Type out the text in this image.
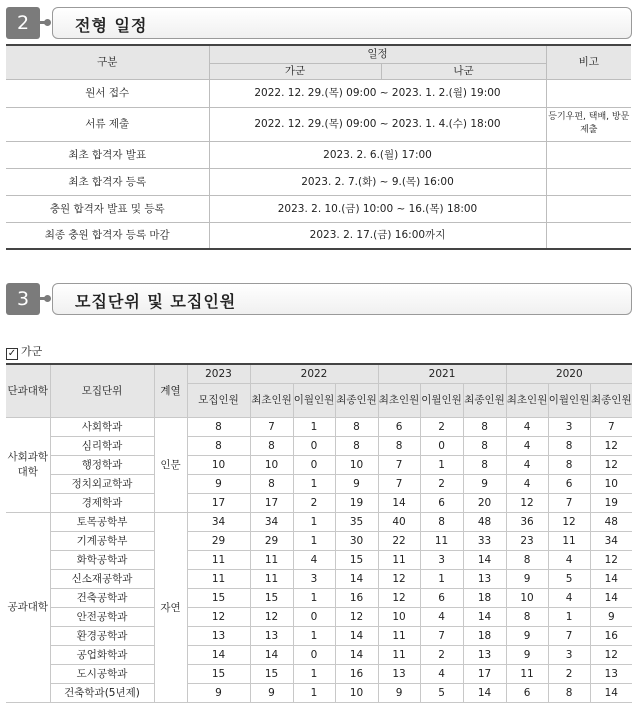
2	전형 일정
구분	일정		비고
	가군	나군	
원서 접수	2022. 12. 29.(목) 09:00 ~ 2023. 1. 2.(월) 19:00		
서류 제출	2022. 12. 29.(목) 09:00 ~ 2023. 1. 4.(수) 18:00		등기우편, 택배, 방문 제출
최초 합격자 발표	2023. 2. 6.(월) 17:00		
최초 합격자 등록	2023. 2. 7.(화) ~ 9.(목) 16:00		
충원 합격자 발표 및 등록	2023. 2. 10.(금) 10:00 ~ 16.(목) 18:00		
최종 충원 합격자 등록 마감	2023. 2. 17.(금) 16:00까지		
3	모집단위 및 모집인원
✓ 가군
단과대학	모집단위	계열	2023	2022			2021			2020		
			모집인원	최초인원	이월인원	최종인원	최초인원	이월인원	최종인원	최초인원	이월인원	최종인원
사회과학대학	사회학과	인문	8	7	1	8	6	2	8	4	3	7
	심리학과		8	8	0	8	8	0	8	4	8	12
	행정학과		10	10	0	10	7	1	8	4	8	12
	정치외교학과		9	8	1	9	7	2	9	4	6	10
	경제학과		17	17	2	19	14	6	20	12	7	19
공과대학	토목공학부	자연	34	34	1	35	40	8	48	36	12	48
	기계공학부		29	29	1	30	22	11	33	23	11	34
	화학공학과		11	11	4	15	11	3	14	8	4	12
	신소재공학과		11	11	3	14	12	1	13	9	5	14
	건축공학과		15	15	1	16	12	6	18	10	4	14
	안전공학과		12	12	0	12	10	4	14	8	1	9
	환경공학과		13	13	1	14	11	7	18	9	7	16
	공업화학과		14	14	0	14	11	2	13	9	3	12
	도시공학과		15	15	1	16	13	4	17	11	2	13
	건축학과(5년제)		9	9	1	10	9	5	14	6	8	14
